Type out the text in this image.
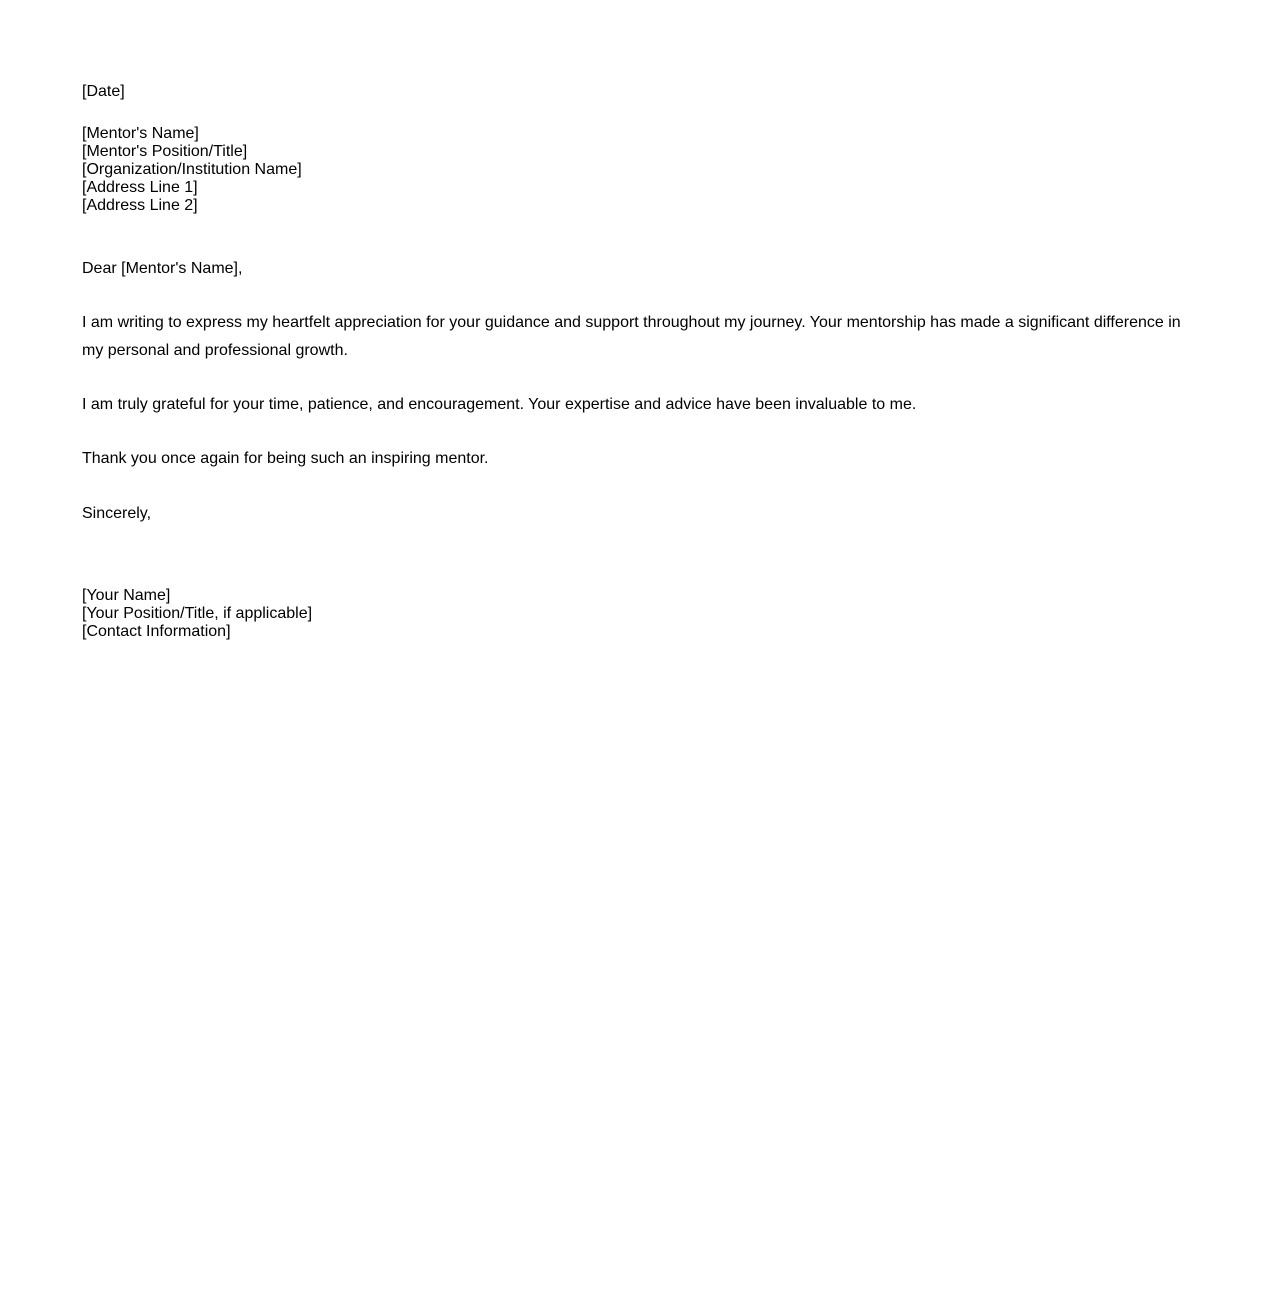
[Date]
[Mentor's Name]
[Mentor's Position/Title]
[Organization/Institution Name]
[Address Line 1]
[Address Line 2]
Dear [Mentor's Name],

I am writing to express my heartfelt appreciation for your guidance and support throughout my journey. Your mentorship has made a significant difference in my personal and professional growth.

I am truly grateful for your time, patience, and encouragement. Your expertise and advice have been invaluable to me.

Thank you once again for being such an inspiring mentor.

Sincerely,
[Your Name]
[Your Position/Title, if applicable]
[Contact Information]
